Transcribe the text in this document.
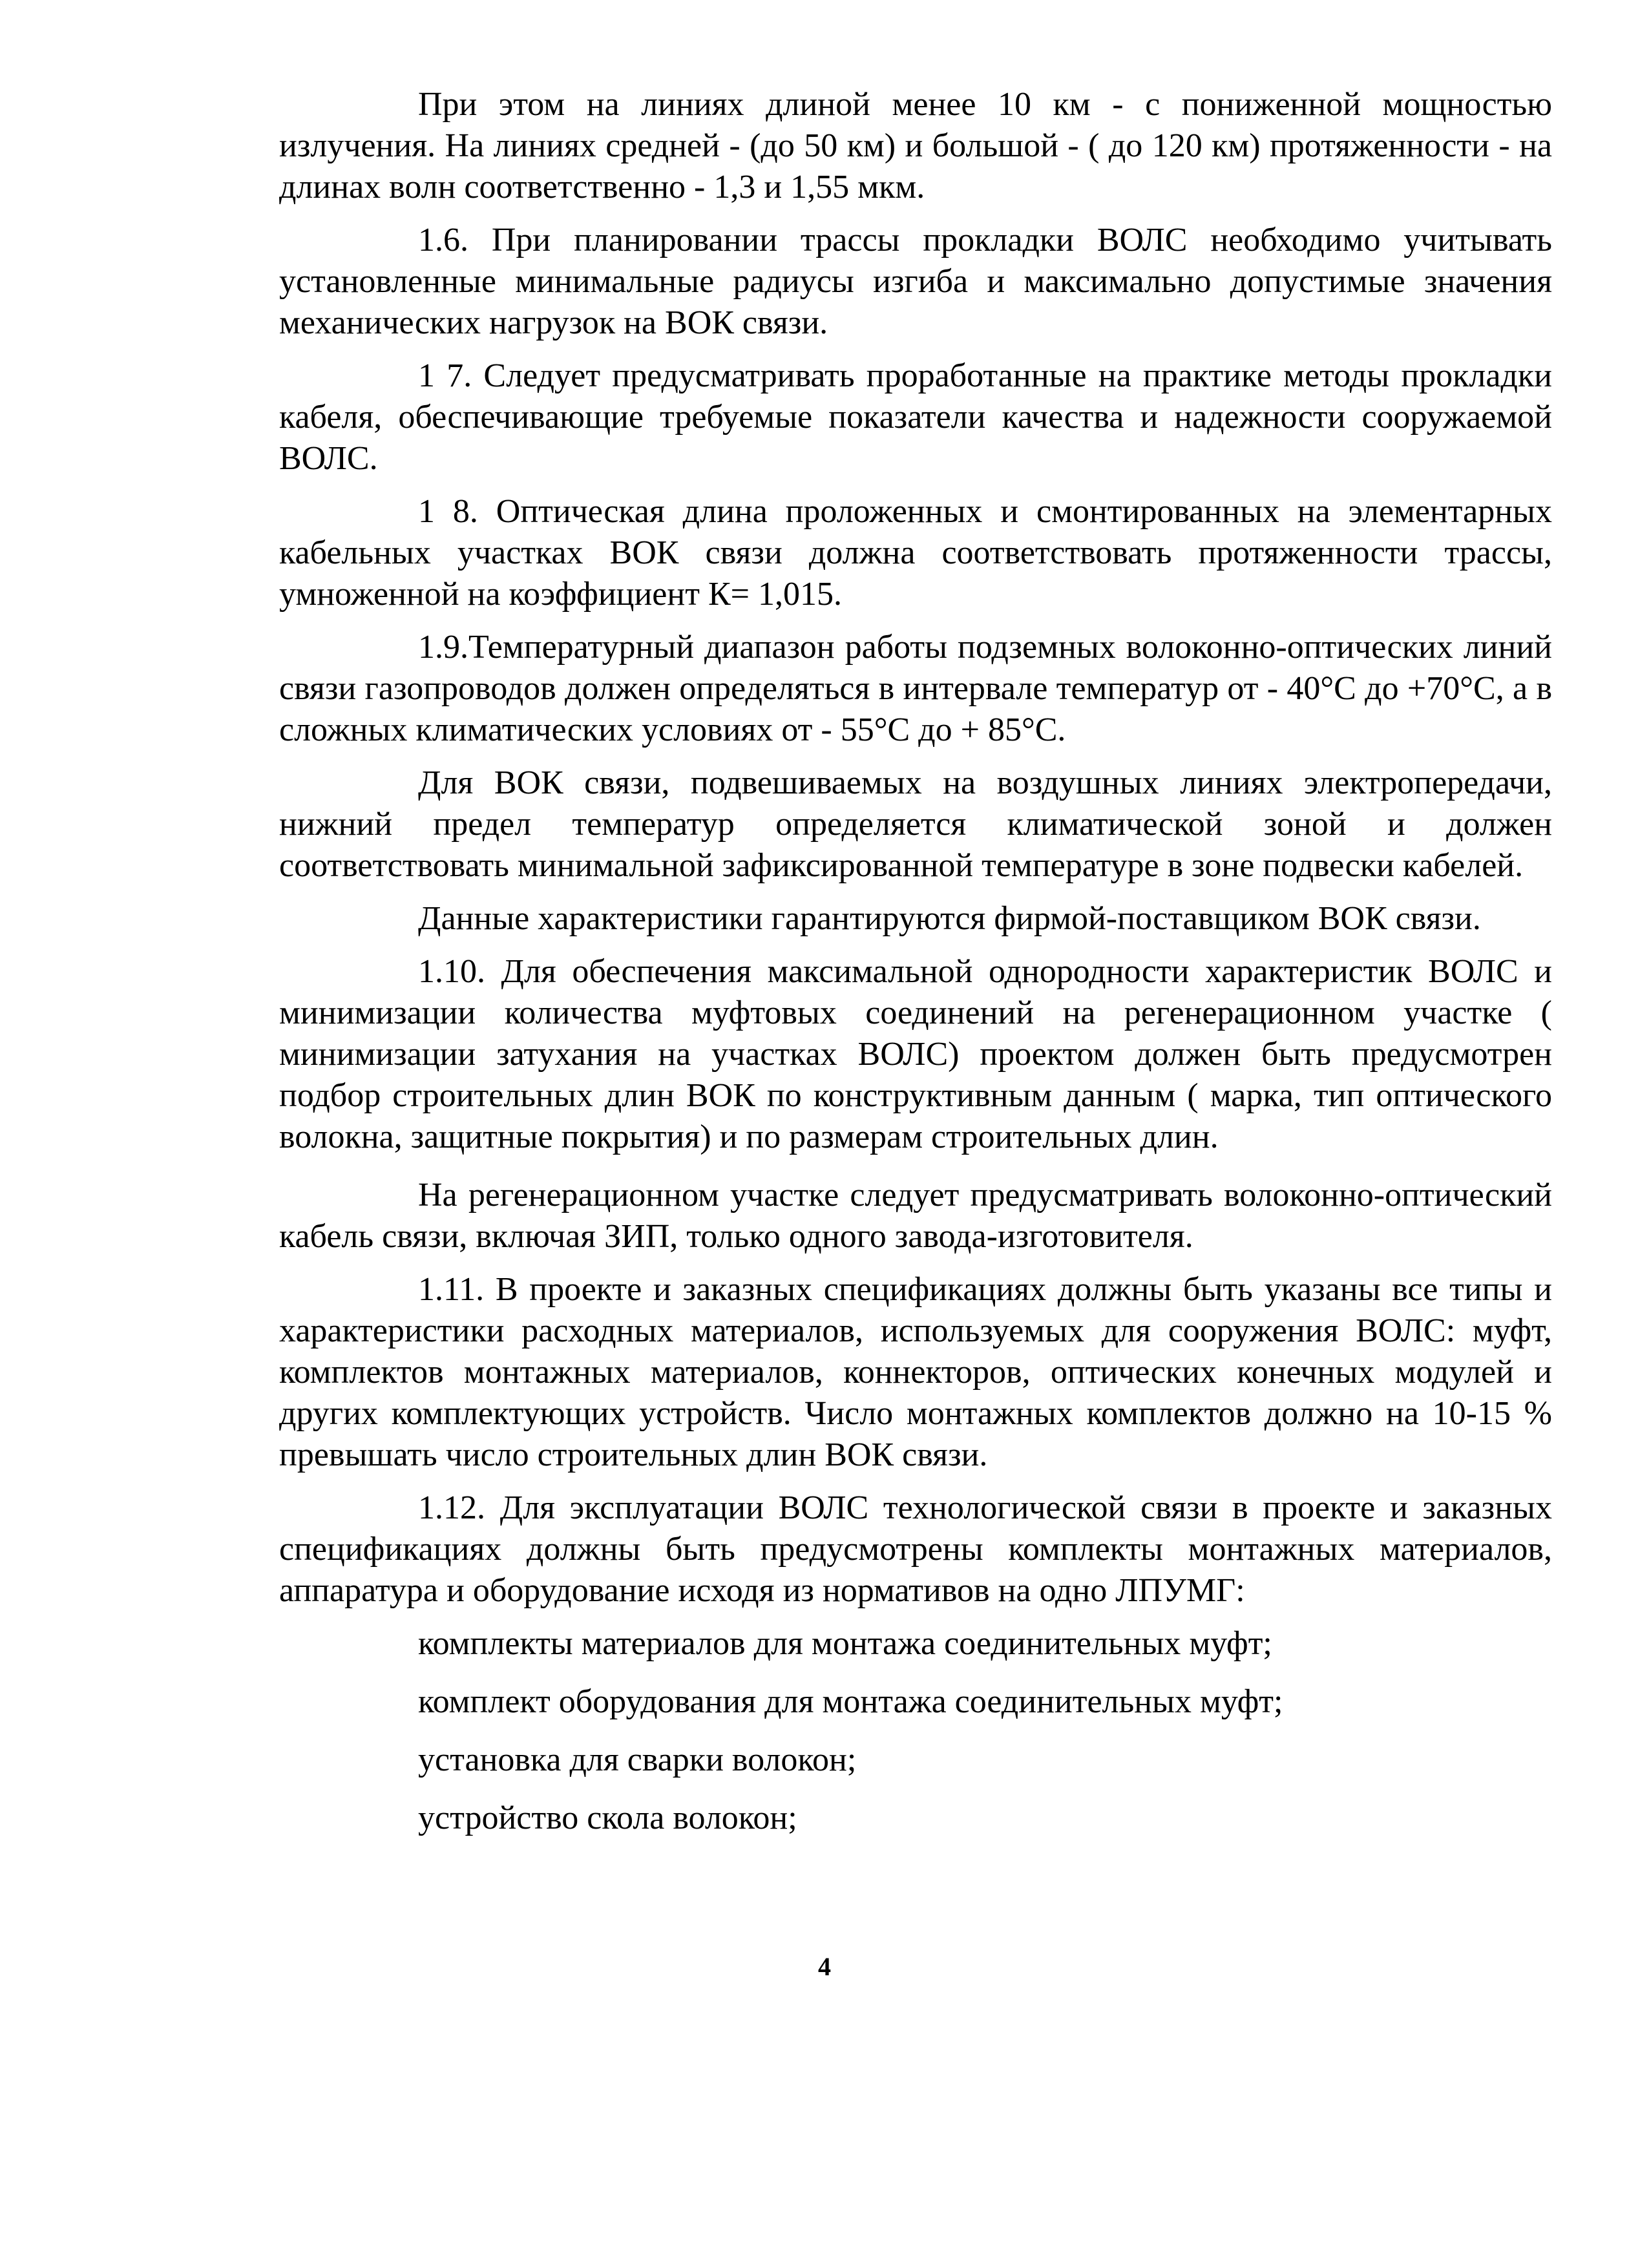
При этом на линиях длиной менее 10 км - с пониженной мощностью излучения. На линиях средней - (до 50 км) и большой - ( до 120 км) протяженности - на длинах волн соответственно - 1,3 и 1,55 мкм.

1.6. При планировании трассы прокладки ВОЛС необходимо учитывать установленные минимальные радиусы изгиба и максимально допустимые значения механических нагрузок на ВОК связи.

1 7. Следует предусматривать проработанные на практике методы прокладки кабеля, обеспечивающие требуемые показатели качества и надежности сооружаемой ВОЛС.

1 8. Оптическая длина проложенных и смонтированных на элементарных кабельных участках ВОК связи должна соответствовать протяженности трассы, умноженной на коэффициент К= 1,015.

1.9.Температурный диапазон работы подземных волоконно-оптических линий связи газопроводов должен определяться в интервале температур от - 40°С до +70°С, а в сложных климатических условиях от - 55°С до + 85°С.

Для ВОК связи, подвешиваемых на воздушных линиях электропередачи, нижний предел температур определяется климатической зоной и должен соответствовать минимальной зафиксированной температуре в зоне подвески кабелей.

Данные характеристики гарантируются фирмой-поставщиком ВОК связи.

1.10. Для обеспечения максимальной однородности характеристик ВОЛС и минимизации количества муфтовых соединений на регенерационном участке ( минимизации затухания на участках ВОЛС) проектом должен быть предусмотрен подбор строительных длин ВОК по конструктивным данным ( марка, тип оптического волокна, защитные покрытия) и по размерам строительных длин.

На регенерационном участке следует предусматривать волоконно-оптический кабель связи, включая ЗИП, только одного завода-изготовителя.

1.11. В проекте и заказных спецификациях должны быть указаны все типы и характеристики расходных материалов, используемых для сооружения ВОЛС: муфт, комплектов монтажных материалов, коннекторов, оптических конечных модулей и других комплектующих устройств. Число монтажных комплектов должно на 10-15 % превышать число строительных длин ВОК связи.

1.12. Для эксплуатации ВОЛС технологической связи в проекте и заказных спецификациях должны быть предусмотрены комплекты монтажных материалов, аппаратура и оборудование исходя из нормативов на одно ЛПУМГ:

комплекты материалов для монтажа соединительных муфт;

комплект оборудования для монтажа соединительных муфт;

установка для сварки волокон;

устройство скола волокон;

4
